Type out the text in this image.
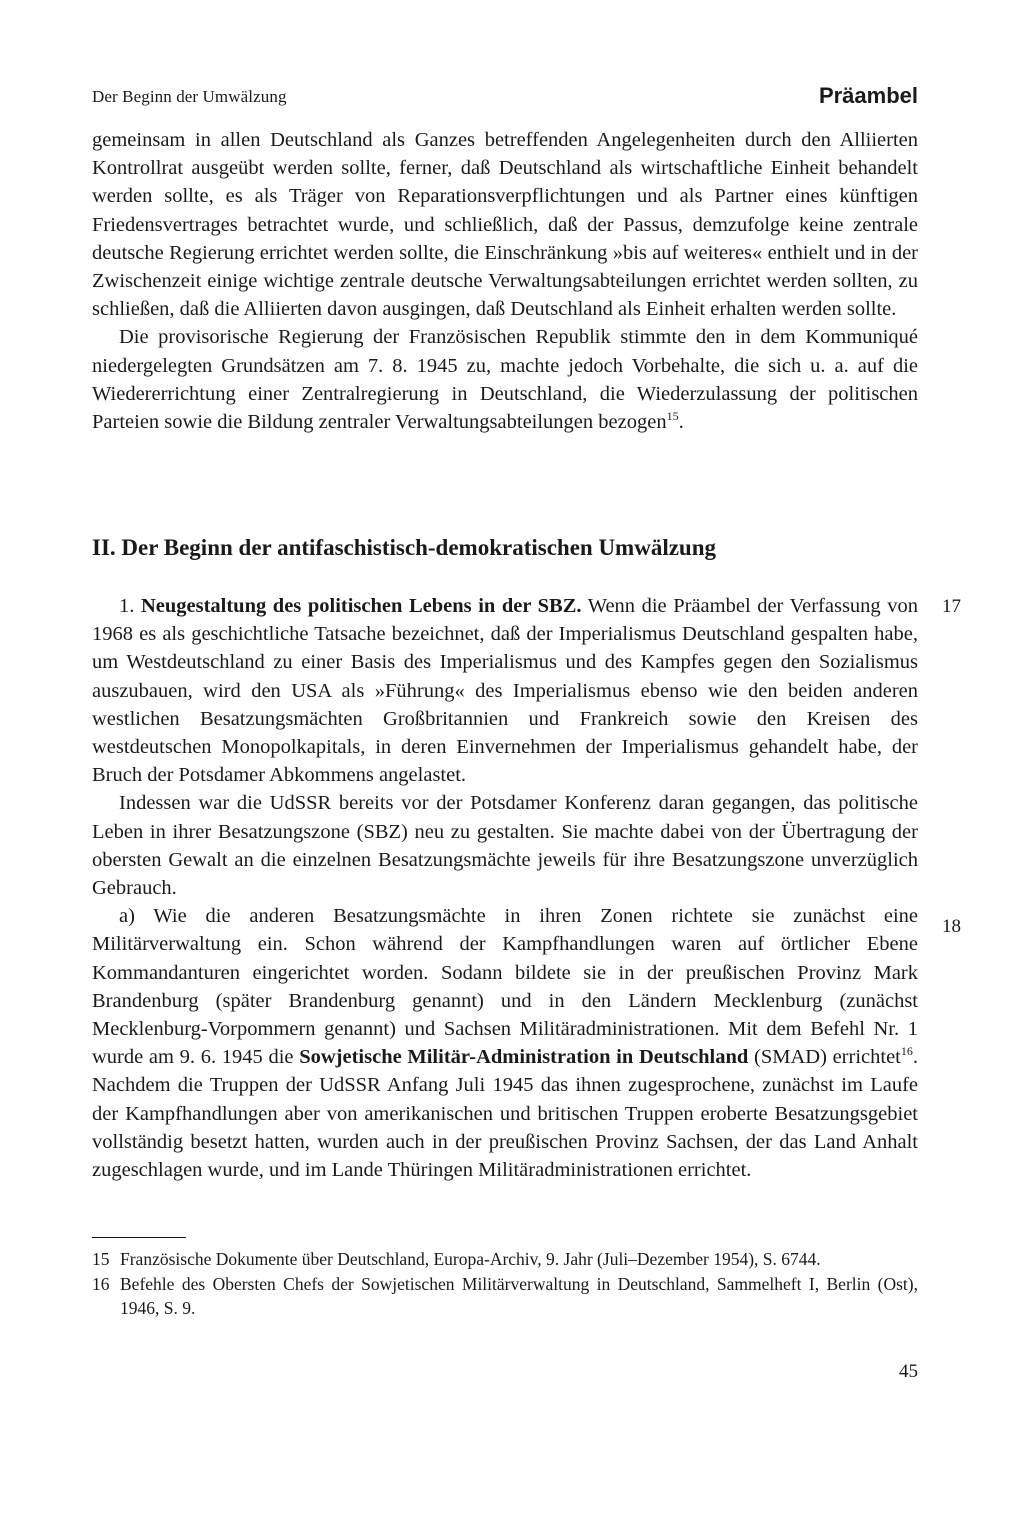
Der Beginn der Umwälzung	Präambel

gemeinsam in allen Deutschland als Ganzes betreffenden Angelegenheiten durch den Alliierten Kontrollrat ausgeübt werden sollte, ferner, daß Deutschland als wirtschaftliche Einheit behandelt werden sollte, es als Träger von Reparationsverpflichtungen und als Partner eines künftigen Friedensvertrages betrachtet wurde, und schließlich, daß der Passus, demzufolge keine zentrale deutsche Regierung errichtet werden sollte, die Einschränkung »bis auf weiteres« enthielt und in der Zwischenzeit einige wichtige zentrale deutsche Verwaltungsabteilungen errichtet werden sollten, zu schließen, daß die Alliierten davon ausgingen, daß Deutschland als Einheit erhalten werden sollte.

Die provisorische Regierung der Französischen Republik stimmte den in dem Kommuniqué niedergelegten Grundsätzen am 7. 8. 1945 zu, machte jedoch Vorbehalte, die sich u. a. auf die Wiedererrichtung einer Zentralregierung in Deutschland, die Wiederzulassung der politischen Parteien sowie die Bildung zentraler Verwaltungsabteilungen bezogen$^{15}$.

II. Der Beginn der antifaschistisch-demokratischen Umwälzung

1. Neugestaltung des politischen Lebens in der SBZ. Wenn die Präambel der Verfassung von 1968 es als geschichtliche Tatsache bezeichnet, daß der Imperialismus Deutschland gespalten habe, um Westdeutschland zu einer Basis des Imperialismus und des Kampfes gegen den Sozialismus auszubauen, wird den USA als »Führung« des Imperialismus ebenso wie den beiden anderen westlichen Besatzungsmächten Großbritannien und Frankreich sowie den Kreisen des westdeutschen Monopolkapitals, in deren Einvernehmen der Imperialismus gehandelt habe, der Bruch der Potsdamer Abkommens angelastet.

Indessen war die UdSSR bereits vor der Potsdamer Konferenz daran gegangen, das politische Leben in ihrer Besatzungszone (SBZ) neu zu gestalten. Sie machte dabei von der Übertragung der obersten Gewalt an die einzelnen Besatzungsmächte jeweils für ihre Besatzungszone unverzüglich Gebrauch.

a) Wie die anderen Besatzungsmächte in ihren Zonen richtete sie zunächst eine Militärverwaltung ein. Schon während der Kampfhandlungen waren auf örtlicher Ebene Kommandanturen eingerichtet worden. Sodann bildete sie in der preußischen Provinz Mark Brandenburg (später Brandenburg genannt) und in den Ländern Mecklenburg (zunächst Mecklenburg-Vorpommern genannt) und Sachsen Militäradministrationen. Mit dem Befehl Nr. 1 wurde am 9. 6. 1945 die Sowjetische Militär-Administration in Deutschland (SMAD) errichtet$^{16}$. Nachdem die Truppen der UdSSR Anfang Juli 1945 das ihnen zugesprochene, zunächst im Laufe der Kampfhandlungen aber von amerikanischen und britischen Truppen eroberte Besatzungsgebiet vollständig besetzt hatten, wurden auch in der preußischen Provinz Sachsen, der das Land Anhalt zugeschlagen wurde, und im Lande Thüringen Militäradministrationen errichtet.

17
18
15 Französische Dokumente über Deutschland, Europa-Archiv, 9. Jahr (Juli–Dezember 1954), S. 6744.
16 Befehle des Obersten Chefs der Sowjetischen Militärverwaltung in Deutschland, Sammelheft I, Berlin (Ost), 1946, S. 9.
45
